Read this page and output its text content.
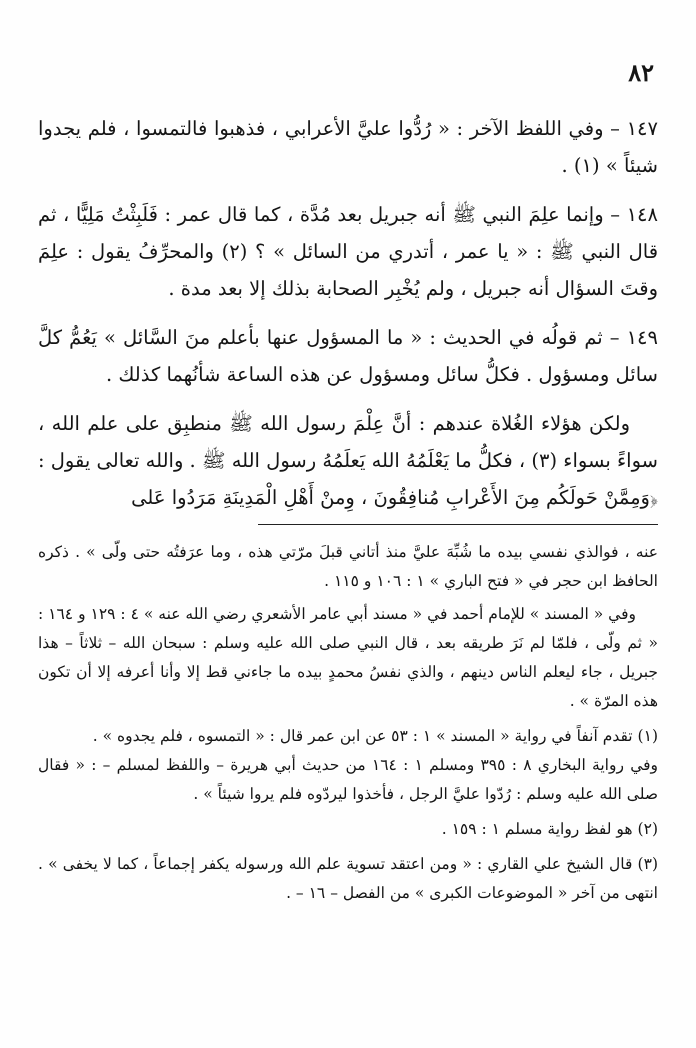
٨٢

١٤٧ – وفي اللفظ الآخر : « رُدُّوا عليَّ الأعرابي ، فذهبوا فالتمسوا ، فلم يجدوا شيئاً » (١) .

١٤٨ – وإنما علِمَ النبي ﷺ أنه جبريل بعد مُدَّة ، كما قال عمر : فَلَبِثْتُ مَلِيًّا ، ثم قال النبي ﷺ : « يا عمر ، أتدري من السائل » ؟ (٢) والمحرِّفُ يقول : علِمَ وقتَ السؤال أنه جبريل ، ولم يُخْبِر الصحابة بذلك إلا بعد مدة .

١٤٩ – ثم قولُه في الحديث : « ما المسؤول عنها بأعلم منَ السَّائل » يَعُمُّ كلَّ سائل ومسؤول . فكلُّ سائل ومسؤول عن هذه الساعة شأنُهما كذلك .

ولكن هؤلاء الغُلاة عندهم : أنَّ عِلْمَ رسول الله ﷺ منطبِق على علم الله ، سواءً بسواء (٣) ، فكلُّ ما يَعْلَمُهُ الله يَعلَمُهُ رسول الله ﷺ . والله تعالى يقول : ﴿وَمِمَّنْ حَولَكُم مِنَ الأَعْرابِ مُنافِقُونَ ، وِمنْ أَهْلِ الْمَدِينَةِ مَرَدُوا عَلى

عنه ، فوالذي نفسي بيده ما شُبِّهَ عليَّ منذ أتاني قبلَ مرّتي هذه ، وما عرَفتُه حتى ولّى » . ذكره الحافظ ابن حجر في « فتح الباري » ١ : ١٠٦ و ١١٥ .

وفي « المسند » للإمام أحمد في « مسند أبي عامر الأشعري رضي الله عنه » ٤ : ١٢٩ و ١٦٤ : « ثم ولّى ، فلمّا لم نَرَ طريقه بعد ، قال النبي صلى الله عليه وسلم : سبحان الله – ثلاثاً – هذا جبريل ، جاء ليعلم الناس دينهم ، والذي نفسُ محمدٍ بيده ما جاءني قط إلا وأنا أعرفه إلا أن تكون هذه المرّة » .

(١) تقدم آنفاً في رواية « المسند » ١ : ٥٣ عن ابن عمر قال : « التمسوه ، فلم يجدوه » .
وفي رواية البخاري ٨ : ٣٩٥ ومسلم ١ : ١٦٤ من حديث أبي هريرة – واللفظ لمسلم – : « فقال صلى الله عليه وسلم : رُدّوا عليَّ الرجل ، فأخذوا ليردّوه فلم يروا شيئاً » .

(٢) هو لفظ رواية مسلم ١ : ١٥٩ .

(٣) قال الشيخ علي القاري : « ومن اعتقد تسوية علم الله ورسوله يكفر إجماعاً ، كما لا يخفى » . انتهى من آخر « الموضوعات الكبرى » من الفصل – ١٦ – .
